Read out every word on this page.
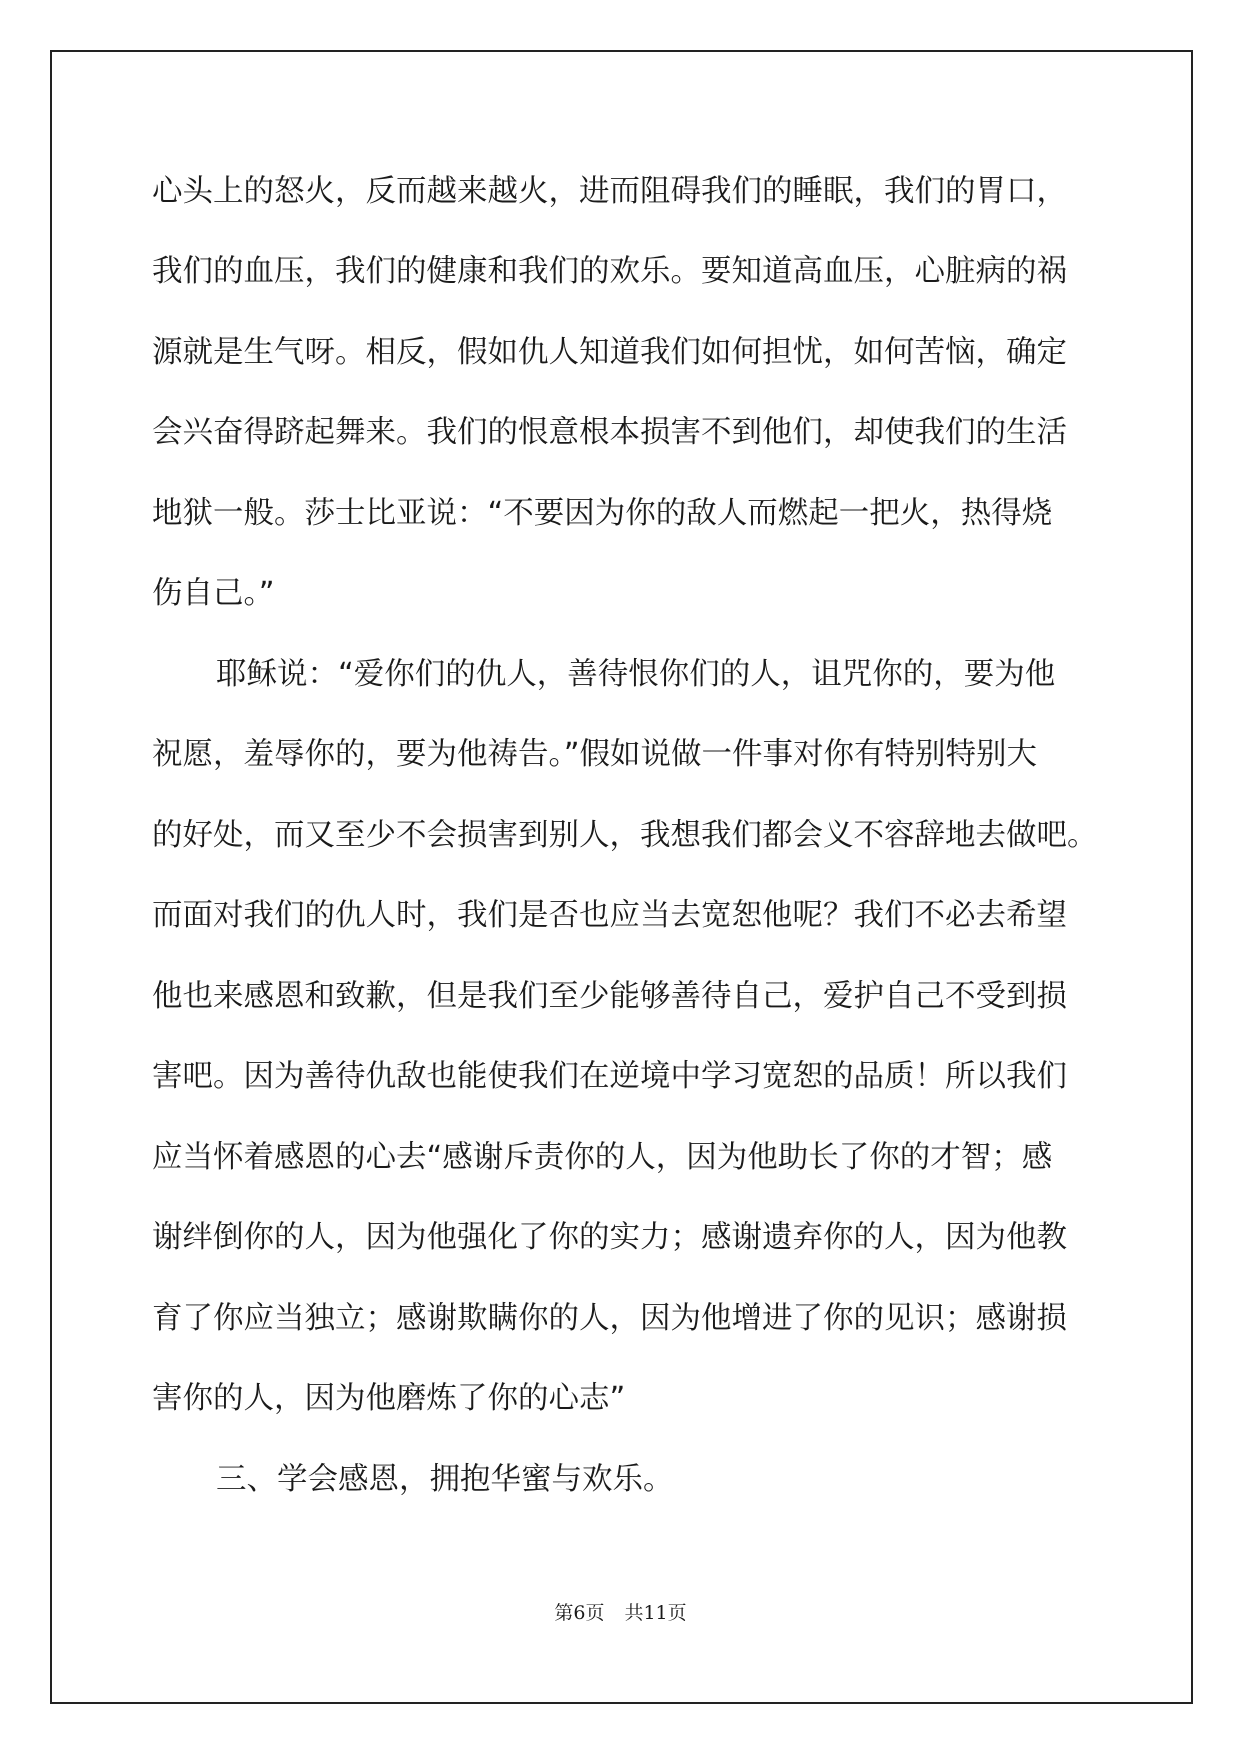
心头上的怒火，反而越来越火，进而阻碍我们的睡眠，我们的胃口，
我们的血压，我们的健康和我们的欢乐。要知道高血压，心脏病的祸
源就是生气呀。相反，假如仇人知道我们如何担忧，如何苦恼，确定
会兴奋得跻起舞来。我们的恨意根本损害不到他们，却使我们的生活
地狱一般。莎士比亚说：“不要因为你的敌人而燃起一把火，热得烧
伤自己。”
耶稣说：“爱你们的仇人，善待恨你们的人，诅咒你的，要为他
祝愿，羞辱你的，要为他祷告。”假如说做一件事对你有特别特别大
的好处，而又至少不会损害到别人，我想我们都会义不容辞地去做吧。
而面对我们的仇人时，我们是否也应当去宽恕他呢？我们不必去希望
他也来感恩和致歉，但是我们至少能够善待自己，爱护自己不受到损
害吧。因为善待仇敌也能使我们在逆境中学习宽恕的品质！所以我们
应当怀着感恩的心去“感谢斥责你的人，因为他助长了你的才智；感
谢绊倒你的人，因为他强化了你的实力；感谢遗弃你的人，因为他教
育了你应当独立；感谢欺瞒你的人，因为他增进了你的见识；感谢损
害你的人，因为他磨炼了你的心志”
三、学会感恩，拥抱华蜜与欢乐。
第6页 共11页
